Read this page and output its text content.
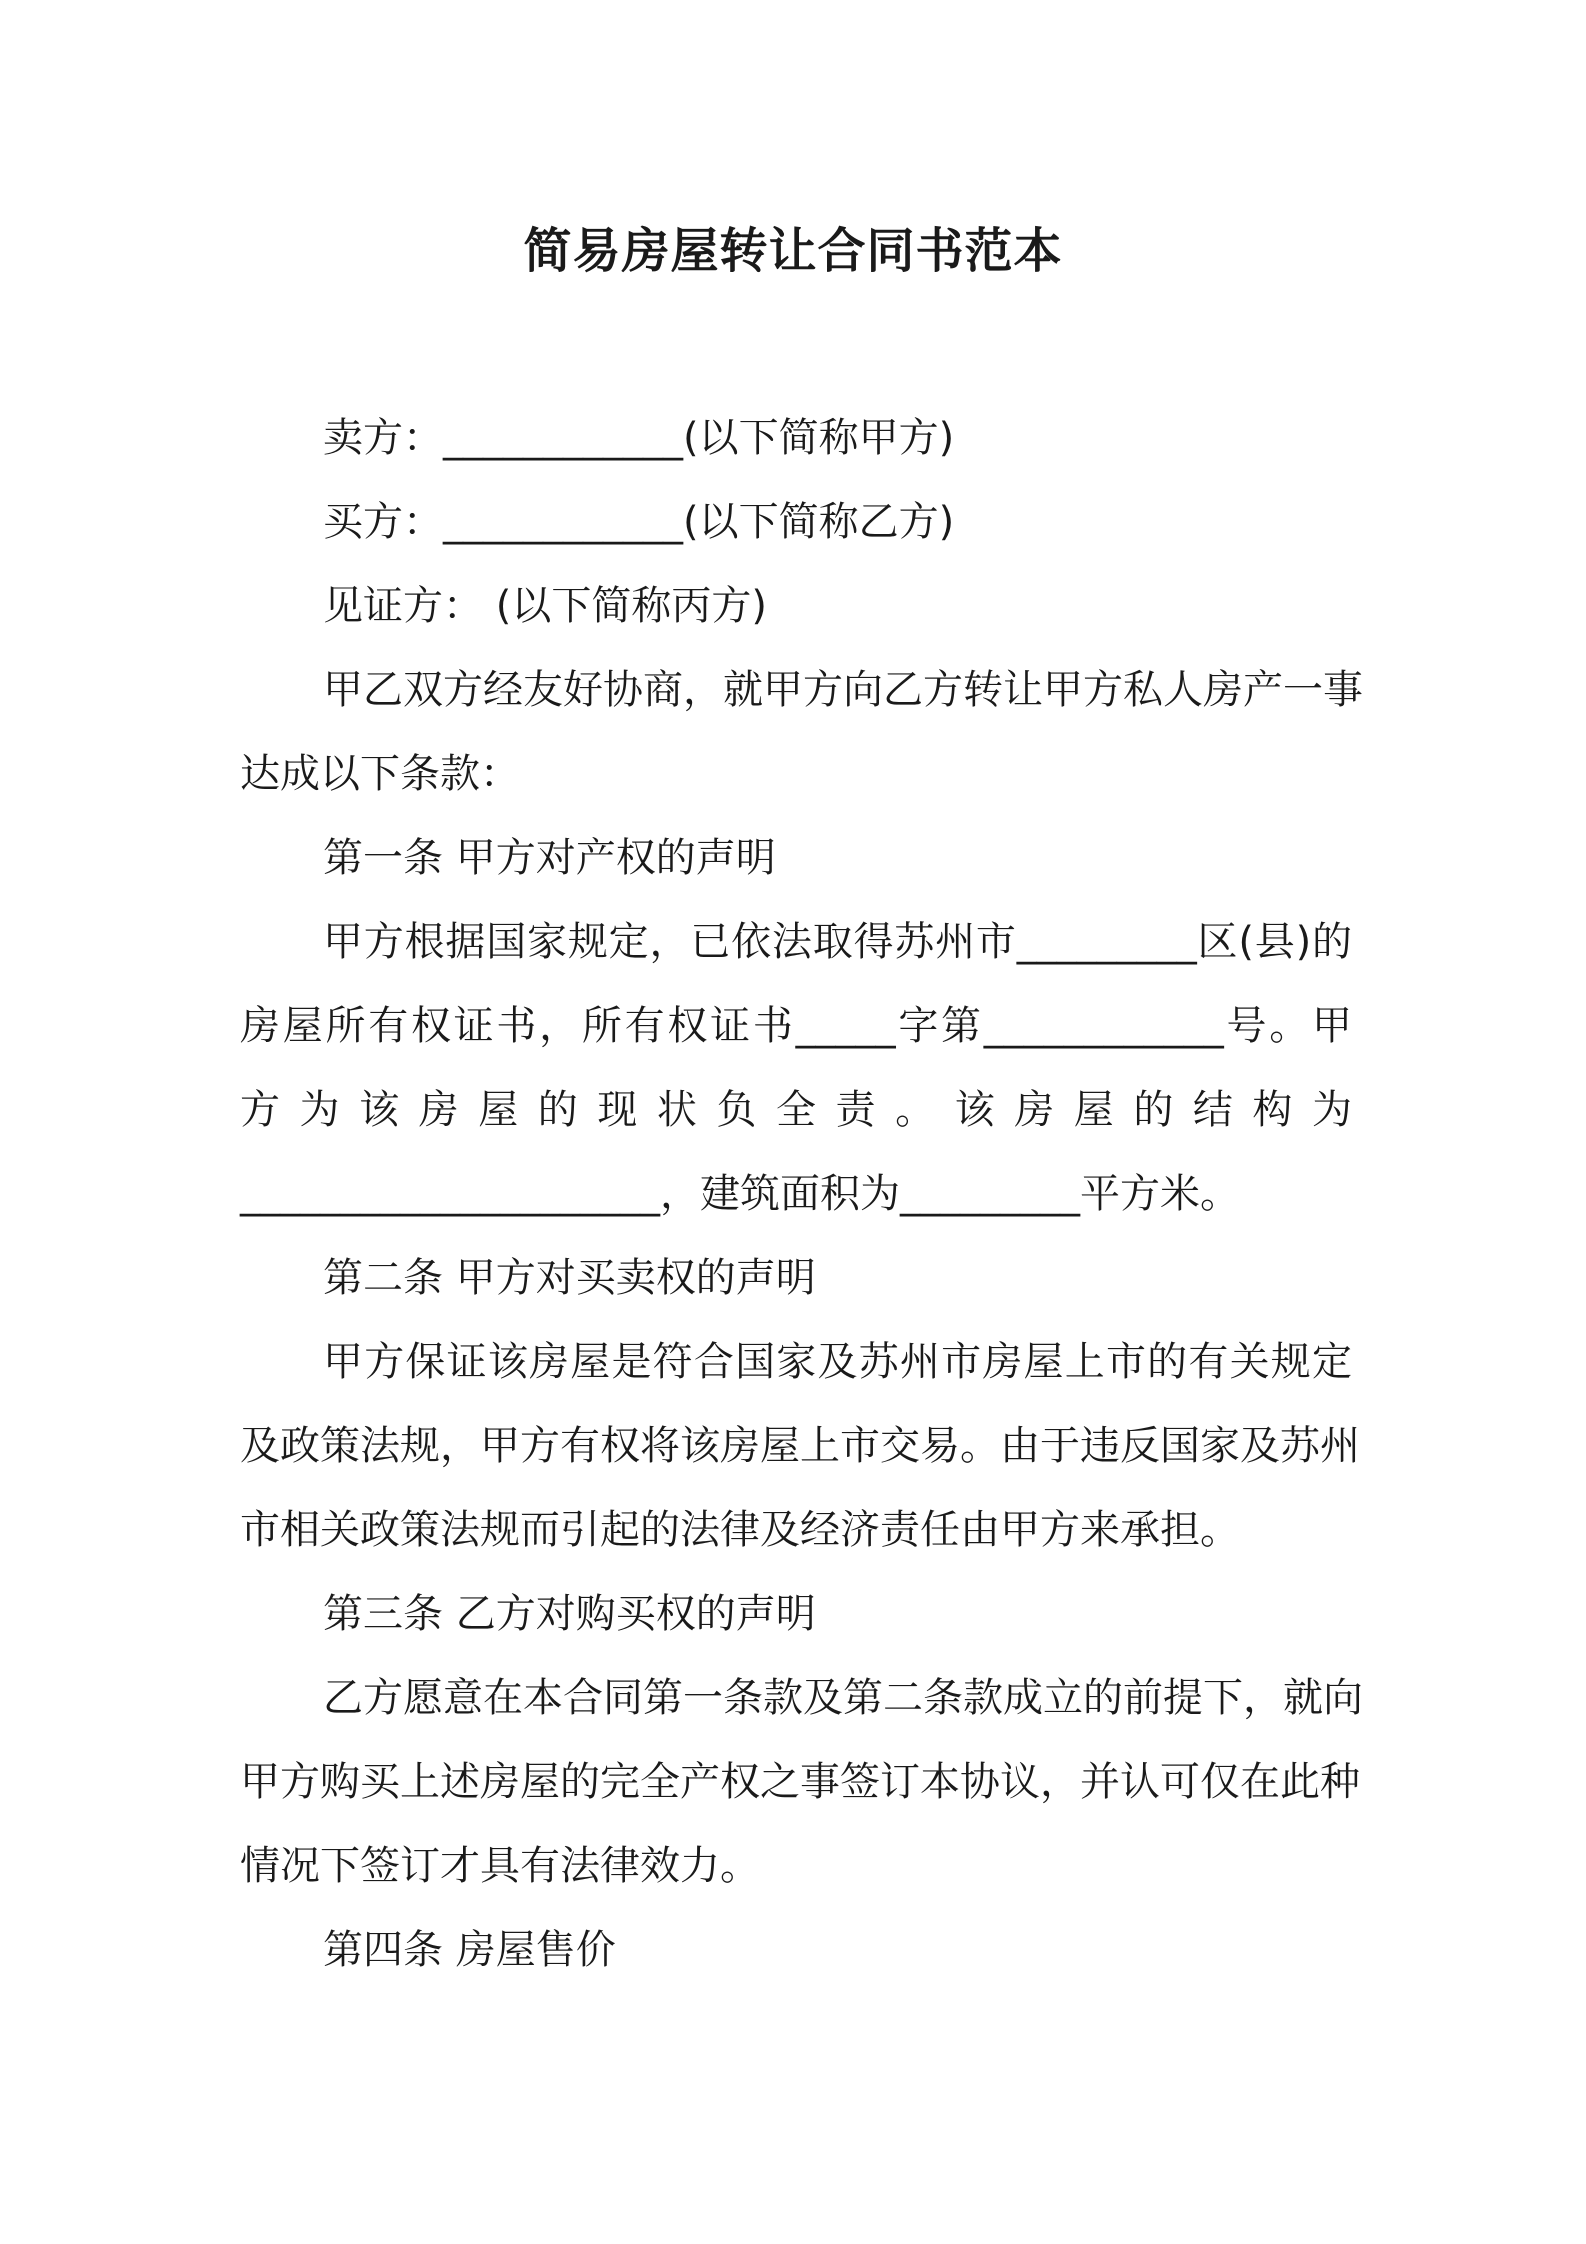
简易房屋转让合同书范本
卖方：____________(以下简称甲方)
买方：____________(以下简称乙方)
见证方： (以下简称丙方)
甲乙双方经友好协商，就甲方向乙方转让甲方私人房产一事
达成以下条款：
第一条 甲方对产权的声明
甲方根据国家规定，已依法取得苏州市_________区(县)的
房屋所有权证书，所有权证书_____字第____________号。甲
方 为 该 房 屋 的 现 状 负 全 责 。 该 房 屋 的 结 构 为
_____________________，建筑面积为_________平方米。
第二条 甲方对买卖权的声明
甲方保证该房屋是符合国家及苏州市房屋上市的有关规定
及政策法规，甲方有权将该房屋上市交易。由于违反国家及苏州
市相关政策法规而引起的法律及经济责任由甲方来承担。
第三条 乙方对购买权的声明
乙方愿意在本合同第一条款及第二条款成立的前提下，就向
甲方购买上述房屋的完全产权之事签订本协议，并认可仅在此种
情况下签订才具有法律效力。
第四条 房屋售价
